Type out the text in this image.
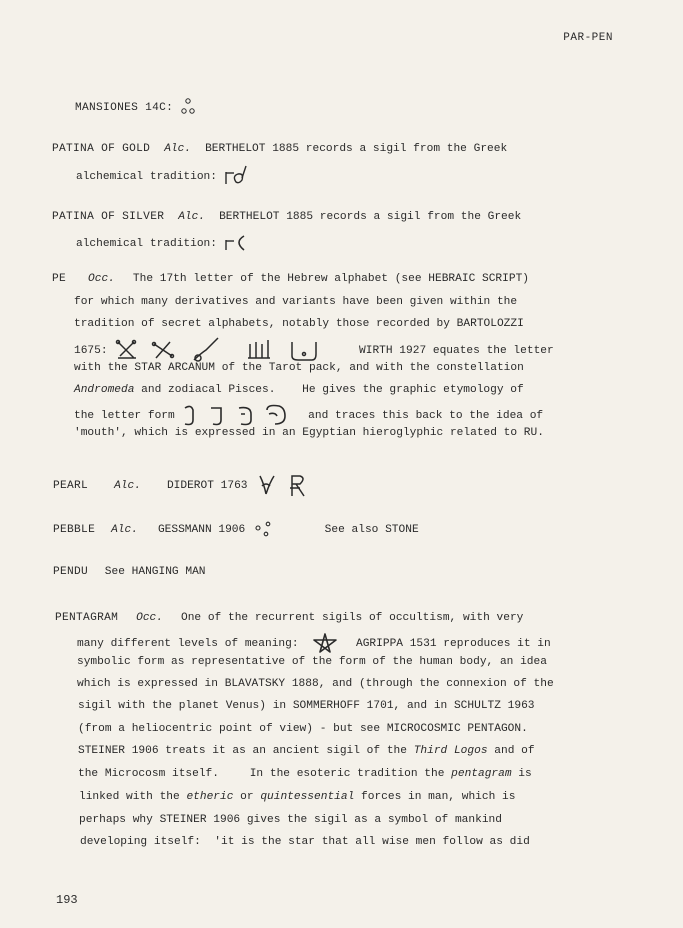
PAR-PEN
MANSIONES 14C:
PATINA OF GOLD Alc. BERTHELOT 1885 records a sigil from the Greek
alchemical tradition:
PATINA OF SILVER Alc. BERTHELOT 1885 records a sigil from the Greek
alchemical tradition:
PE Occ. The 17th letter of the Hebrew alphabet (see HEBRAIC SCRIPT)
for which many derivatives and variants have been given within the
tradition of secret alphabets, notably those recorded by BARTOLOZZI
1675:	WIRTH 1927 equates the letter
with the STAR ARCANUM of the Tarot pack, and with the constellation
Andromeda and zodiacal Pisces. He gives the graphic etymology of
the letter form	and traces this back to the idea of
'mouth', which is expressed in an Egyptian hieroglyphic related to RU.
PEARL Alc. DIDEROT 1763
PEBBLE Alc. GESSMANN 1906	See also STONE
PENDU See HANGING MAN
PENTAGRAM Occ. One of the recurrent sigils of occultism, with very
many different levels of meaning:	AGRIPPA 1531 reproduces it in
symbolic form as representative of the form of the human body, an idea
which is expressed in BLAVATSKY 1888, and (through the connexion of the
sigil with the planet Venus) in SOMMERHOFF 1701, and in SCHULTZ 1963
(from a heliocentric point of view) - but see MICROCOSMIC PENTAGON.
STEINER 1906 treats it as an ancient sigil of the Third Logos and of
the Microcosm itself.	In the esoteric tradition the pentagram is
linked with the etheric or quintessential forces in man, which is
perhaps why STEINER 1906 gives the sigil as a symbol of mankind
developing itself:  'it is the star that all wise men follow as did
193
